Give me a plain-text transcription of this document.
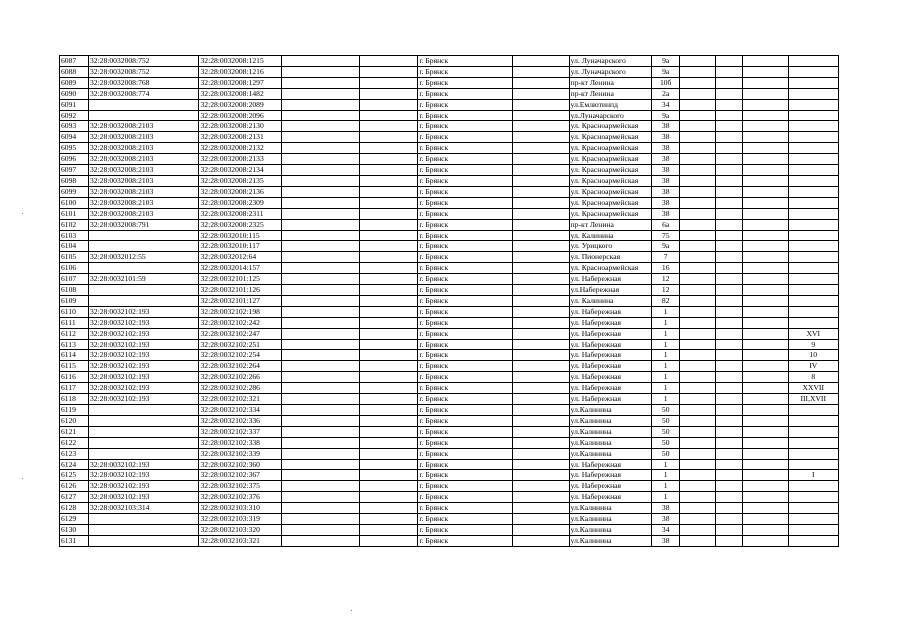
6087	32:28:0032008:752	32:28:0032008:1215			г. Брянск		ул. Луначарского	9а				
6088	32:28:0032008:752	32:28:0032008:1216			г. Брянск		ул. Луначарского	9а				
6089	32:28:0032008:768	32:28:0032008:1297			г. Брянск		пр-кт Ленина	10б				
6090	32:28:0032008:774	32:28:0032008:1482			г. Брянск		пр-кт Ленина	2а				
6091		32:28:0032008:2089			г. Брянск		ул.Емлютинпд	34				
6092		32:28:0032008:2096			г. Брянск		ул.Луначарского	9а				
6093	32:28:0032008:2103	32:28:0032008:2130			г. Брянск		ул. Красноармейская	38				
6094	32:28:0032008:2103	32:28:0032008:2131			г. Брянск		ул. Красноармейская	38				
6095	32:28:0032008:2103	32:28:0032008:2132			г. Брянск		ул. Красноармейская	38				
6096	32:28:0032008:2103	32:28:0032008:2133			г. Брянск		ул. Красноармейская	38				
6097	32:28:0032008:2103	32:28:0032008:2134			г. Брянск		ул. Красноармейская	38				
6098	32:28:0032008:2103	32:28:0032008:2135			г. Брянск		ул. Красноармейская	38				
6099	32:28:0032008:2103	32:28:0032008:2136			г. Брянск		ул. Красноармейская	38				
6100	32:28:0032008:2103	32:28:0032008:2309			г. Брянск		ул. Красноармейская	38				
6101	32:28:0032008:2103	32:28:0032008:2311			г. Брянск		ул. Красноармейская	38				
6102	32:28:0032008:791	32:28:0032008:2325			г. Брянск		пр-кт Ленина	6а				
6103		32:28:0032010:115			г. Брянск		ул. Калинина	75				
6104		32:28:0032010:117			г. Брянск		ул. Урицкого	9а				
6105	32:28:0032012:55	32:28:0032012:64			г. Брянск		ул. Пионерская	7				
6106		32:28:0032014:157			г. Брянск		ул. Красноармейская	16				
6107	32:28:0032101:59	32:28:0032101:125			г. Брянск		ул. Набережная	12				
6108		32:28:0032101:126			г. Брянск		ул.Набережная	12				
6109		32:28:0032101:127			г. Брянск		ул. Калинина	82				
6110	32:28:0032102:193	32:28:0032102:198			г. Брянск		ул. Набережная	1				
6111	32:28:0032102:193	32:28:0032102:242			г. Брянск		ул. Набережная	1				
6112	32:28:0032102:193	32:28:0032102:247			г. Брянск		ул. Набережная	1				XVI
6113	32:28:0032102:193	32:28:0032102:251			г. Брянск		ул. Набережная	1				9
6114	32:28:0032102:193	32:28:0032102:254			г. Брянск		ул. Набережная	1				10
6115	32:28:0032102:193	32:28:0032102:264			г. Брянск		ул. Набережная	1				IV
6116	32:28:0032102:193	32:28:0032102:266			г. Брянск		ул. Набережная	1				8
6117	32:28:0032102:193	32:28:0032102:286			г. Брянск		ул. Набережная	1				XXVII
6118	32:28:0032102:193	32:28:0032102:321			г. Брянск		ул. Набережная	1				III,XVII
6119		32:28:0032102:334			г. Брянск		ул.Калинина	50				
6120		32:28:0032102:336			г. Брянск		ул.Калинина	50				
6121		32:28:0032102:337			г. Брянск		ул.Калинина	50				
6122		32:28:0032102:338			г. Брянск		ул.Калинина	50				
6123		32:28:0032102:339			г. Брянск		ул.Калинина	50				
6124	32:28:0032102:193	32:28:0032102:360			г. Брянск		ул. Набережная	1				
6125	32:28:0032102:193	32:28:0032102:367			г. Брянск		ул. Набережная	1				I
6126	32:28:0032102:193	32:28:0032102:375			г. Брянск		ул. Набережная	1				
6127	32:28:0032102:193	32:28:0032102:376			г. Брянск		ул. Набережная	1				
6128	32:28:0032103:314	32:28:0032103:310			г. Брянск		ул.Калинина	38				
6129		32:28:0032103:319			г. Брянск		ул.Калинина	38				
6130		32:28:0032103:320			г. Брянск		ул.Калинина	34				
6131		32:28:0032103:321			г. Брянск		ул.Калинина	38				
